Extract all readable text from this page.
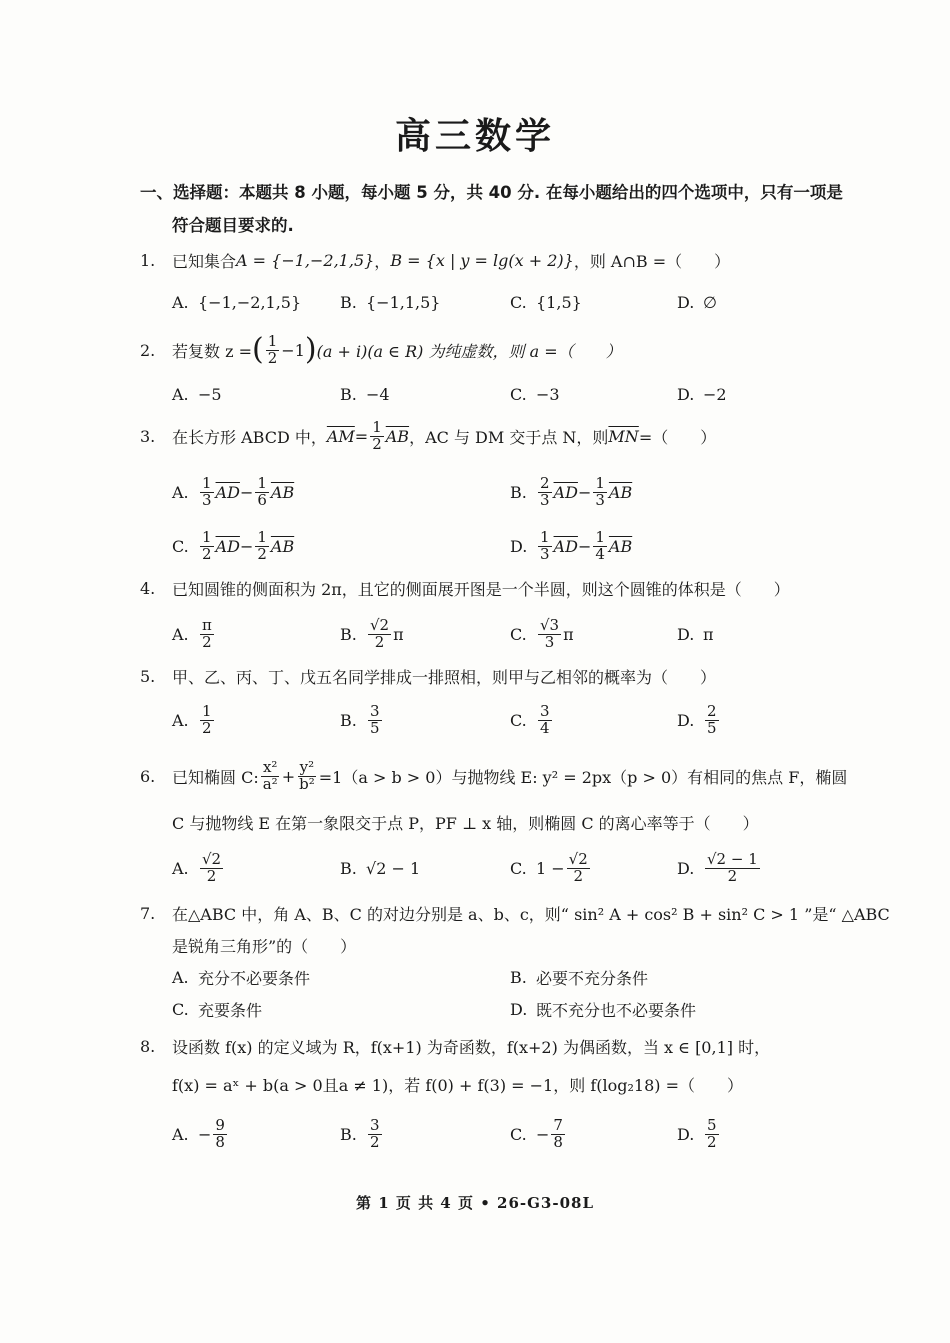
高三数学
一、选择题：本题共 8 小题，每小题 5 分，共 40 分. 在每小题给出的四个选项中，只有一项是
符合题目要求的.
1.	已知集合 A = {−1,−2,1,5} ， B = {x | y = lg(x + 2)} ，则 A∩B =（　　）
A. {−1,−2,1,5} B. {−1,1,5}	C. {1,5}	D. ∅
2.	若复数 z = ( $\frac{1}{2} -1$ ) (a + i)(a ∈ R) 为纯虚数，则 a =（　　）
A. −5	B. −4	C. −3	D. −2
3.	在长方形 ABCD 中， $\overline{AM} = \frac{1}{2} \overline{AB}$ ，AC 与 DM 交于点 N，则 $\overline{MN}$ =（　　）
A. $\frac{1}{3} \overline{AD} - \frac{1}{6} \overline{AB}$	B. $\frac{2}{3} \overline{AD} - \frac{1}{3} \overline{AB}$
C. $\frac{1}{2} \overline{AD} - \frac{1}{2} \overline{AB}$	D. $\frac{1}{3} \overline{AD} - \frac{1}{4} \overline{AB}$
4.	已知圆锥的侧面积为 2π，且它的侧面展开图是一个半圆，则这个圆锥的体积是（　　）
A. $\frac{\pi}{2}$	B. $\frac{√2}{2}$ π	C. $\frac{√3}{3}$ π	D. π
5.	甲、乙、丙、丁、戊五名同学排成一排照相，则甲与乙相邻的概率为（　　）
A. $\frac{1}{2}$	B. $\frac{3}{5}$	C. $\frac{3}{4}$	D. $\frac{2}{5}$
6.	已知椭圆 C: $\frac{\text{x²}}{\text{a²}} + \frac{\text{y²}}{\text{b²}} =1(a > b > 0)$与抛物线 E: y² = 2px（p > 0）有相同的焦点 F，椭圆
C 与抛物线 E 在第一象限交于点 P，PF ⊥ x 轴，则椭圆 C 的离心率等于（　　）
A. $\frac{√2}{2}$	B. √2 − 1	C. $1 - \frac{√2}{2}$	D. $\frac{√2 - 1}{2}$
7.	在△ABC 中，角 A、B、C 的对边分别是 a、b、c，则“ sin² A + cos² B + sin² C > 1 ”是“ △ABC
是锐角三角形”的（　　）
A. 充分不必要条件	B. 必要不充分条件
C. 充要条件	D. 既不充分也不必要条件
8.	设函数 f(x) 的定义域为 R，f(x+1) 为奇函数，f(x+2) 为偶函数，当 x ∈ [0,1] 时，
f(x) = aˣ + b(a > 0且a ≠ 1)，若 f(0) + f(3) = −1，则 f(log₂18) =（　　）
A. − $\frac{9}{8}$	B. $\frac{3}{2}$	C. − $\frac{7}{8}$	D. $\frac{5}{2}$
第 1 页 共 4 页 • 26-G3-08L
